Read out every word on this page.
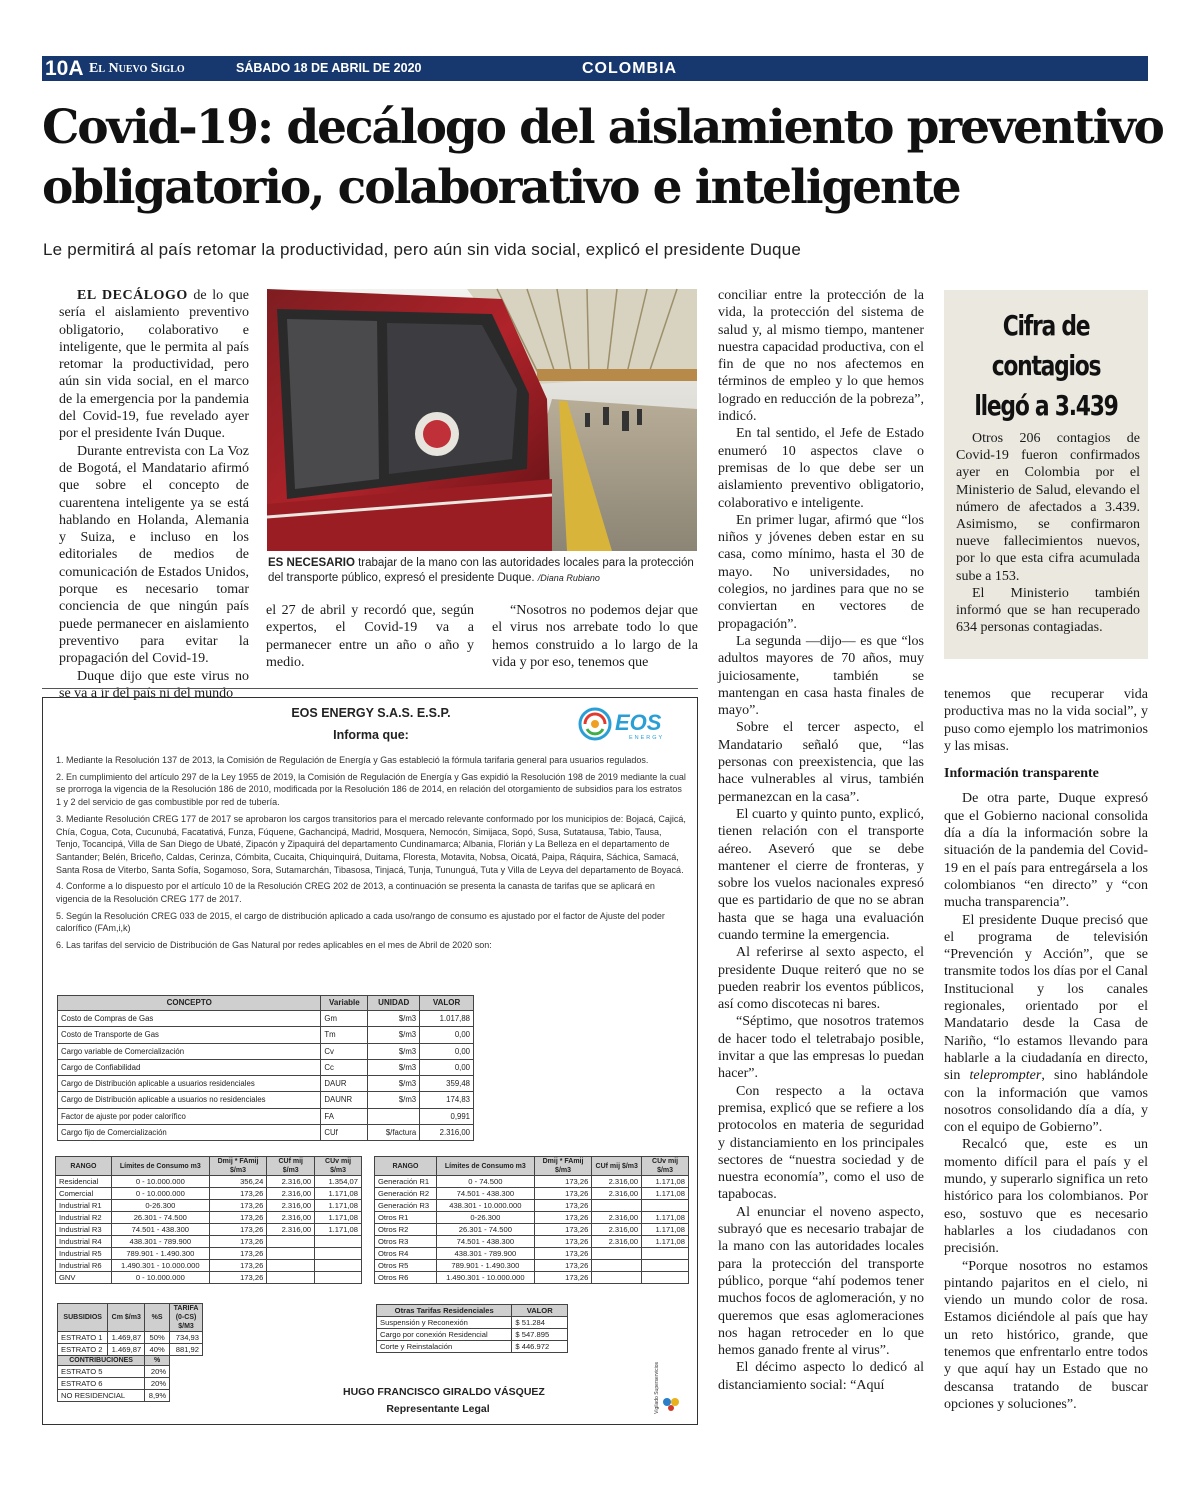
10A El Nuevo Siglo	SÁBADO 18 DE ABRIL DE 2020	COLOMBIA
Covid-19: decálogo del aislamiento preventivo
obligatorio, colaborativo e inteligente
Le permitirá al país retomar la productividad, pero aún sin vida social, explicó el presidente Duque

EL DECÁLOGO de lo que sería el aislamiento preventivo obligatorio, colaborativo e inteligente, que le permita al país retomar la productividad, pero aún sin vida social, en el marco de la emergencia por la pandemia del Covid-19, fue revelado ayer por el presidente Iván Duque.

Durante entrevista con La Voz de Bogotá, el Mandatario afirmó que sobre el concepto de cuarentena inteligente ya se está hablando en Holanda, Alemania y Suiza, e incluso en los editoriales de medios de comunicación de Estados Unidos, porque es necesario tomar conciencia de que ningún país puede permanecer en aislamiento preventivo para evitar la propagación del Covid-19.

Duque dijo que este virus no se va a ir del país ni del mundo

ES NECESARIO trabajar de la mano con las autoridades locales para la protección del transporte público, expresó el presidente Duque. /Diana Rubiano

el 27 de abril y recordó que, según expertos, el Covid-19 va a permanecer entre un año o año y medio.

“Nosotros no podemos dejar que el virus nos arrebate todo lo que hemos construido a lo largo de la vida y por eso, tenemos que

conciliar entre la protección de la vida, la protección del sistema de salud y, al mismo tiempo, mantener nuestra capacidad productiva, con el fin de que no nos afectemos en términos de empleo y lo que hemos logrado en reducción de la pobreza”, indicó.

En tal sentido, el Jefe de Estado enumeró 10 aspectos clave o premisas de lo que debe ser un aislamiento preventivo obligatorio, colaborativo e inteligente.

En primer lugar, afirmó que “los niños y jóvenes deben estar en su casa, como mínimo, hasta el 30 de mayo. No universidades, no colegios, no jardines para que no se conviertan en vectores de propagación”.

La segunda —dijo— es que “los adultos mayores de 70 años, muy juiciosamente, también se mantengan en casa hasta finales de mayo”.

Sobre el tercer aspecto, el Mandatario señaló que, “las personas con preexistencia, que las hace vulnerables al virus, también permanezcan en la casa”.

El cuarto y quinto punto, explicó, tienen relación con el transporte aéreo. Aseveró que se debe mantener el cierre de fronteras, y sobre los vuelos nacionales expresó que es partidario de que no se abran hasta que se haga una evaluación cuando termine la emergencia.

Al referirse al sexto aspecto, el presidente Duque reiteró que no se pueden reabrir los eventos públicos, así como discotecas ni bares.

“Séptimo, que nosotros tratemos de hacer todo el teletrabajo posible, invitar a que las empresas lo puedan hacer”.

Con respecto a la octava premisa, explicó que se refiere a los protocolos en materia de seguridad y distanciamiento en los principales sectores de “nuestra sociedad y de nuestra economía”, como el uso de tapabocas.

Al enunciar el noveno aspecto, subrayó que es necesario trabajar de la mano con las autoridades locales para la protección del transporte público, porque “ahí podemos tener muchos focos de aglomeración, y no queremos que esas aglomeraciones nos hagan retroceder en lo que hemos ganado frente al virus”.

El décimo aspecto lo dedicó al distanciamiento social: “Aquí

Cifra de
contagios
llegó a 3.439

Otros 206 contagios de Covid-19 fueron confirmados ayer en Colombia por el Ministerio de Salud, elevando el número de afectados a 3.439. Asimismo, se confirmaron nueve fallecimientos nuevos, por lo que esta cifra acumulada sube a 153.

El Ministerio también informó que se han recuperado 634 personas contagiadas.

tenemos que recuperar vida productiva mas no la vida social”, y puso como ejemplo los matrimonios y las misas.

Información transparente

De otra parte, Duque expresó que el Gobierno nacional consolida día a día la información sobre la situación de la pandemia del Covid-19 en el país para entregársela a los colombianos “en directo” y “con mucha transparencia”.

El presidente Duque precisó que el programa de televisión “Prevención y Acción”, que se transmite todos los días por el Canal Institucional y los canales regionales, orientado por el Mandatario desde la Casa de Nariño, “lo estamos llevando para hablarle a la ciudadanía en directo, sin teleprompter, sino hablándole con la información que vamos nosotros consolidando día a día, y con el equipo de Gobierno”.

Recalcó que, este es un momento difícil para el país y el mundo, y superarlo significa un reto histórico para los colombianos. Por eso, sostuvo que es necesario hablarles a los ciudadanos con precisión.

“Porque nosotros no estamos pintando pajaritos en el cielo, ni viendo un mundo color de rosa. Estamos diciéndole al país que hay un reto histórico, grande, que tenemos que enfrentarlo entre todos y que aquí hay un Estado que no descansa tratando de buscar opciones y soluciones”.

EOS ENERGY S.A.S. E.S.P.
Informa que:	EOS
ENERGY

1. Mediante la Resolución 137 de 2013, la Comisión de Regulación de Energía y Gas estableció la fórmula tarifaria general para usuarios regulados.

2. En cumplimiento del artículo 297 de la Ley 1955 de 2019, la Comisión de Regulación de Energía y Gas expidió la Resolución 198 de 2019 mediante la cual se prorroga la vigencia de la Resolución 186 de 2010, modificada por la Resolución 186 de 2014, en relación del otorgamiento de subsidios para los estratos 1 y 2 del servicio de gas combustible por red de tubería.

3. Mediante Resolución CREG 177 de 2017 se aprobaron los cargos transitorios para el mercado relevante conformado por los municipios de: Bojacá, Cajicá, Chía, Cogua, Cota, Cucunubá, Facatativá, Funza, Fúquene, Gachancipá, Madrid, Mosquera, Nemocón, Simijaca, Sopó, Susa, Sutatausa, Tabio, Tausa, Tenjo, Tocancipá, Villa de San Diego de Ubaté, Zipacón y Zipaquirá del departamento Cundinamarca; Albania, Florián y La Belleza en el departamento de Santander; Belén, Briceño, Caldas, Cerinza, Cómbita, Cucaita, Chiquinquirá, Duitama, Floresta, Motavita, Nobsa, Oicatá, Paipa, Ráquira, Sáchica, Samacá, Santa Rosa de Viterbo, Santa Sofía, Sogamoso, Sora, Sutamarchán, Tibasosa, Tinjacá, Tunja, Tununguá, Tuta y Villa de Leyva del departamento de Boyacá.

4. Conforme a lo dispuesto por el artículo 10 de la Resolución CREG 202 de 2013, a continuación se presenta la canasta de tarifas que se aplicará en vigencia de la Resolución CREG 177 de 2017.

5. Según la Resolución CREG 033 de 2015, el cargo de distribución aplicado a cada uso/rango de consumo es ajustado por el factor de Ajuste del poder calorífico (FAm,i,k)

6. Las tarifas del servicio de Distribución de Gas Natural por redes aplicables en el mes de Abril de 2020 son:

CONCEPTO	Variable	UNIDAD	VALOR
Costo de Compras de Gas	Gm	$/m3	1.017,88
Costo de Transporte de Gas	Tm	$/m3	0,00
Cargo variable de Comercialización	Cv	$/m3	0,00
Cargo de Confiabilidad	Cc	$/m3	0,00
Cargo de Distribución aplicable a usuarios residenciales	DAUR	$/m3	359,48
Cargo de Distribución aplicable a usuarios no residenciales	DAUNR	$/m3	174,83
Factor de ajuste por poder calorífico	FA		0,991
Cargo fijo de Comercialización	CUf	$/factura	2.316,00
RANGO	Límites de Consumo m3	Dmij * FAmij $/m3	CUf mij $/m3	CUv mij $/m3
Residencial	0 - 10.000.000	356,24	2.316,00	1.354,07
Comercial	0 - 10.000.000	173,26	2.316,00	1.171,08
Industrial R1	0-26.300	173,26	2.316,00	1.171,08
Industrial R2	26.301 - 74.500	173,26	2.316,00	1.171,08
Industrial R3	74.501 - 438.300	173,26	2.316,00	1.171,08
Industrial R4	438.301 - 789.900	173,26		
Industrial R5	789.901 - 1.490.300	173,26		
Industrial R6	1.490.301 - 10.000.000	173,26		
GNV	0 - 10.000.000	173,26		
RANGO	Límites de Consumo m3	Dmij * FAmij $/m3	CUf mij $/m3	CUv mij $/m3
Generación R1	0 - 74.500	173,26	2.316,00	1.171,08
Generación R2	74.501 - 438.300	173,26	2.316,00	1.171,08
Generación R3	438.301 - 10.000.000	173,26		
Otros R1	0-26.300	173,26	2.316,00	1.171,08
Otros R2	26.301 - 74.500	173,26	2.316,00	1.171,08
Otros R3	74.501 - 438.300	173,26	2.316,00	1.171,08
Otros R4	438.301 - 789.900	173,26		
Otros R5	789.901 - 1.490.300	173,26		
Otros R6	1.490.301 - 10.000.000	173,26		
SUBSIDIOS	Cm $/m3	%S	TARIFA (0-CS) $/M3
ESTRATO 1	1.469,87	50%	734,93
ESTRATO 2	1.469,87	40%	881,92
CONTRIBUCIONES		%	
ESTRATO 5		20%	
ESTRATO 6		20%	
NO RESIDENCIAL		8,9%	
Otras Tarifas Residenciales	VALOR
Suspensión y Reconexión	$ 51.284
Cargo por conexión Residencial	$ 547.895
Corte y Reinstalación	$ 446.972
HUGO FRANCISCO GIRALDO VÁSQUEZ
Representante Legal	Vigilado Superservicios
